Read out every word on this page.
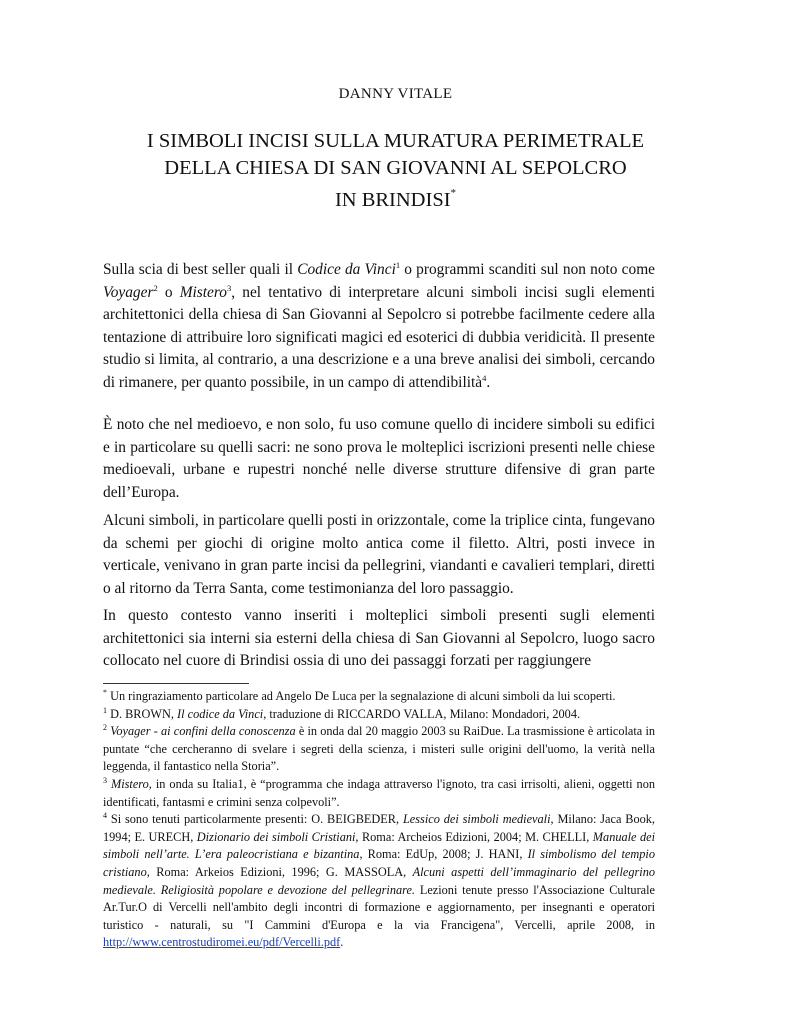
DANNY VITALE
I SIMBOLI INCISI SULLA MURATURA PERIMETRALE
DELLA CHIESA DI SAN GIOVANNI AL SEPOLCRO
IN BRINDISI*

Sulla scia di best seller quali il Codice da Vinci$^1$ o programmi scanditi sul non noto come Voyager$^2$ o Mistero$^3$, nel tentativo di interpretare alcuni simboli incisi sugli elementi architettonici della chiesa di San Giovanni al Sepolcro si potrebbe facilmente cedere alla tentazione di attribuire loro significati magici ed esoterici di dubbia veridicità. Il presente studio si limita, al contrario, a una descrizione e a una breve analisi dei simboli, cercando di rimanere, per quanto possibile, in un campo di attendibilità$^4$.

È noto che nel medioevo, e non solo, fu uso comune quello di incidere simboli su edifici e in particolare su quelli sacri: ne sono prova le molteplici iscrizioni presenti nelle chiese medioevali, urbane e rupestri nonché nelle diverse strutture difensive di gran parte dell’Europa.

Alcuni simboli, in particolare quelli posti in orizzontale, come la triplice cinta, fungevano da schemi per giochi di origine molto antica come il filetto. Altri, posti invece in verticale, venivano in gran parte incisi da pellegrini, viandanti e cavalieri templari, diretti o al ritorno da Terra Santa, come testimonianza del loro passaggio.

In questo contesto vanno inseriti i molteplici simboli presenti sugli elementi architettonici sia interni sia esterni della chiesa di San Giovanni al Sepolcro, luogo sacro collocato nel cuore di Brindisi ossia di uno dei passaggi forzati per raggiungere

* Un ringraziamento particolare ad Angelo De Luca per la segnalazione di alcuni simboli da lui scoperti.

$^1$ D. BROWN, Il codice da Vinci, traduzione di RICCARDO VALLA, Milano: Mondadori, 2004.

$^2$ Voyager - ai confini della conoscenza è in onda dal 20 maggio 2003 su RaiDue. La trasmissione è articolata in puntate “che cercheranno di svelare i segreti della scienza, i misteri sulle origini dell'uomo, la verità nella leggenda, il fantastico nella Storia”.

$^3$ Mistero, in onda su Italia1, è “programma che indaga attraverso l'ignoto, tra casi irrisolti, alieni, oggetti non identificati, fantasmi e crimini senza colpevoli”.

$^4$ Si sono tenuti particolarmente presenti: O. BEIGBEDER, Lessico dei simboli medievali, Milano: Jaca Book, 1994; E. URECH, Dizionario dei simboli Cristiani, Roma: Archeios Edizioni, 2004; M. CHELLI, Manuale dei simboli nell’arte. L’era paleocristiana e bizantina, Roma: EdUp, 2008; J. HANI, Il simbolismo del tempio cristiano, Roma: Arkeios Edizioni, 1996; G. MASSOLA, Alcuni aspetti dell’immaginario del pellegrino medievale. Religiosità popolare e devozione del pellegrinare. Lezioni tenute presso l'Associazione Culturale Ar.Tur.O di Vercelli nell'ambito degli incontri di formazione e aggiornamento, per insegnanti e operatori turistico - naturali, su "I Cammini d'Europa e la via Francigena", Vercelli, aprile 2008, in http://www.centrostudiromei.eu/pdf/Vercelli.pdf.
